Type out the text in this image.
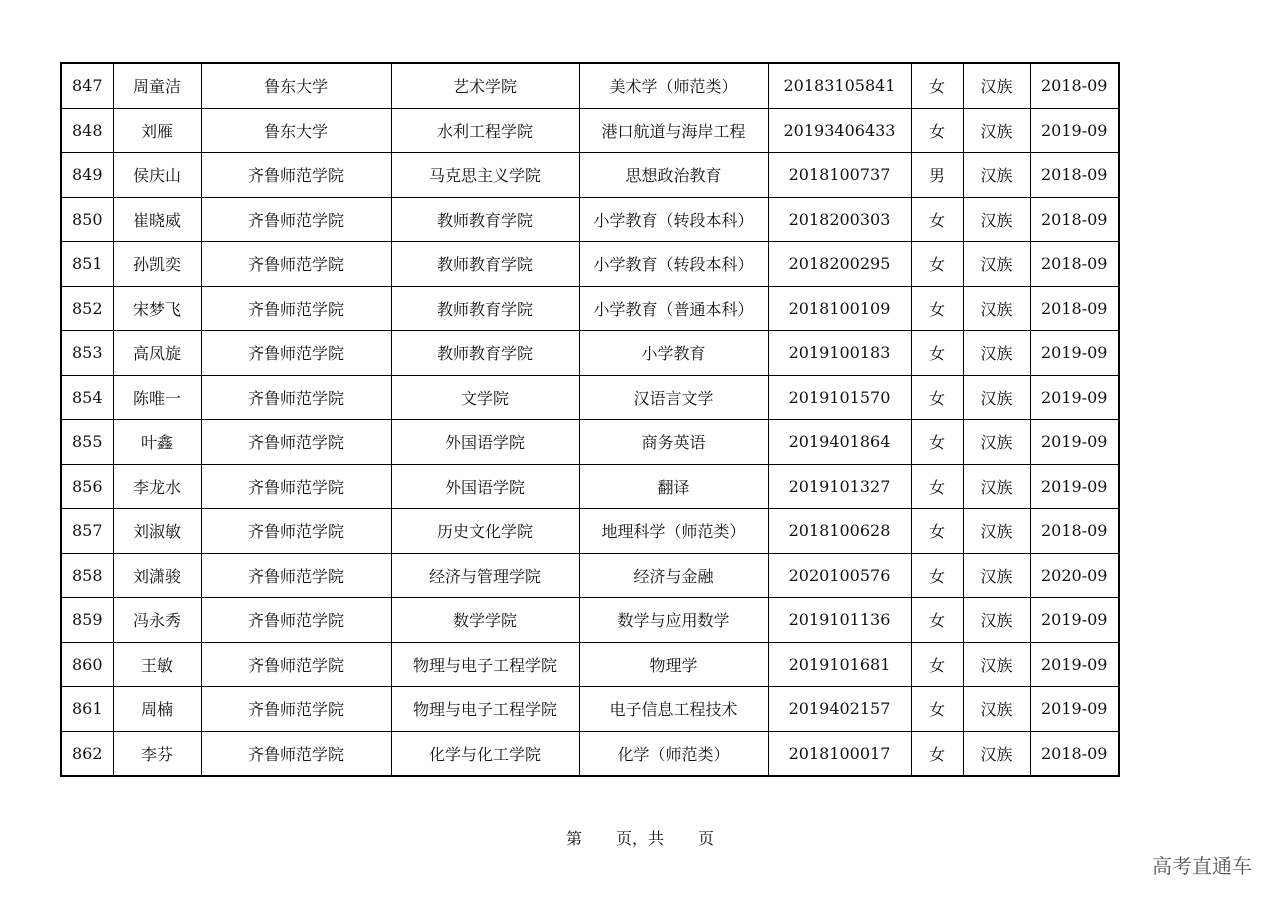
847	周童洁	鲁东大学	艺术学院	美术学（师范类）	20183105841	女	汉族	2018-09
848	刘雁	鲁东大学	水利工程学院	港口航道与海岸工程	20193406433	女	汉族	2019-09
849	侯庆山	齐鲁师范学院	马克思主义学院	思想政治教育	2018100737	男	汉族	2018-09
850	崔晓威	齐鲁师范学院	教师教育学院	小学教育（转段本科）	2018200303	女	汉族	2018-09
851	孙凯奕	齐鲁师范学院	教师教育学院	小学教育（转段本科）	2018200295	女	汉族	2018-09
852	宋梦飞	齐鲁师范学院	教师教育学院	小学教育（普通本科）	2018100109	女	汉族	2018-09
853	高凤旋	齐鲁师范学院	教师教育学院	小学教育	2019100183	女	汉族	2019-09
854	陈唯一	齐鲁师范学院	文学院	汉语言文学	2019101570	女	汉族	2019-09
855	叶鑫	齐鲁师范学院	外国语学院	商务英语	2019401864	女	汉族	2019-09
856	李龙水	齐鲁师范学院	外国语学院	翻译	2019101327	女	汉族	2019-09
857	刘淑敏	齐鲁师范学院	历史文化学院	地理科学（师范类）	2018100628	女	汉族	2018-09
858	刘潇骏	齐鲁师范学院	经济与管理学院	经济与金融	2020100576	女	汉族	2020-09
859	冯永秀	齐鲁师范学院	数学学院	数学与应用数学	2019101136	女	汉族	2019-09
860	王敏	齐鲁师范学院	物理与电子工程学院	物理学	2019101681	女	汉族	2019-09
861	周楠	齐鲁师范学院	物理与电子工程学院	电子信息工程技术	2019402157	女	汉族	2019-09
862	李芬	齐鲁师范学院	化学与化工学院	化学（师范类）	2018100017	女	汉族	2018-09
第 页，共 页
高考直通车
